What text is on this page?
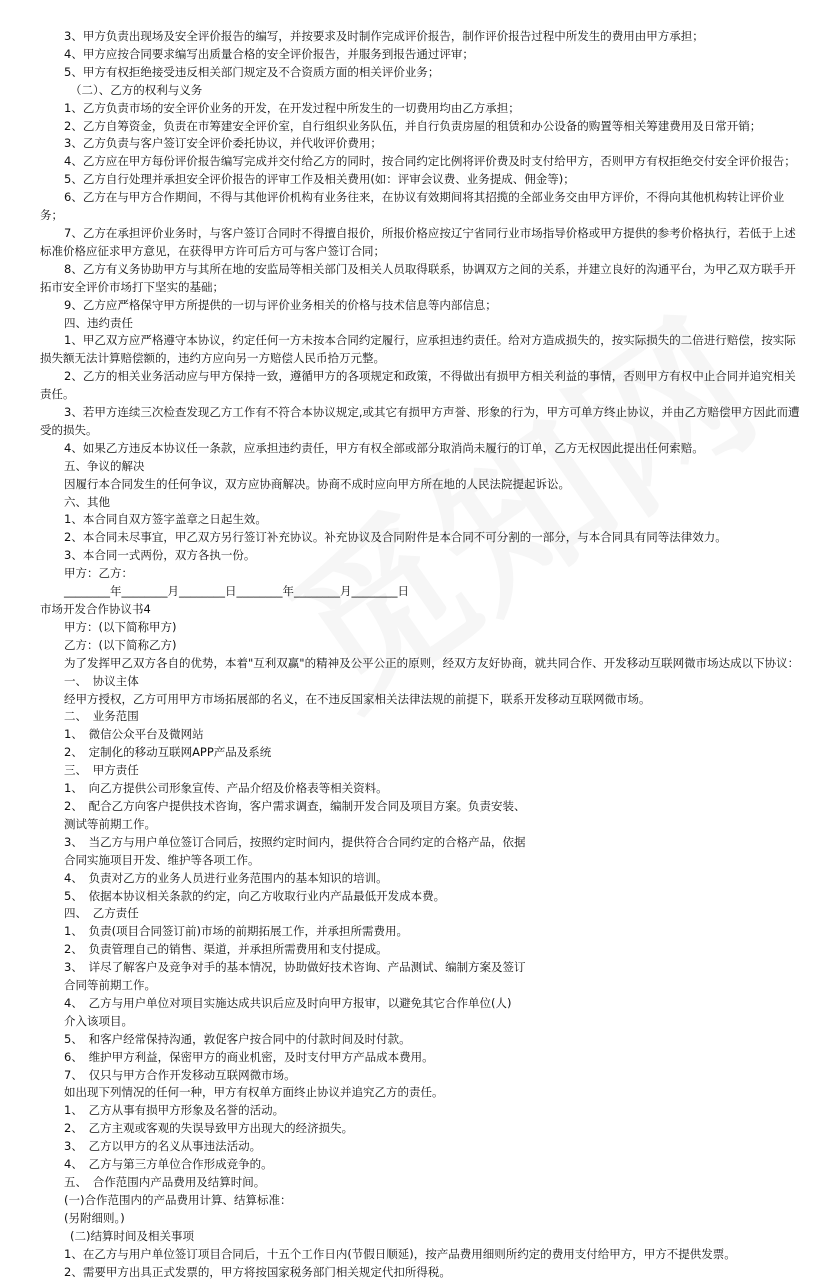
3、甲方负责出现场及安全评价报告的编写，并按要求及时制作完成评价报告，制作评价报告过程中所发生的费用由甲方承担；

4、甲方应按合同要求编写出质量合格的安全评价报告，并服务到报告通过评审；

5、甲方有权拒绝接受违反相关部门规定及不合资质方面的相关评价业务；

（二）、乙方的权利与义务

1、乙方负责市场的安全评价业务的开发，在开发过程中所发生的一切费用均由乙方承担；

2、乙方自筹资金，负责在市筹建安全评价室，自行组织业务队伍，并自行负责房屋的租赁和办公设备的购置等相关筹建费用及日常开销；

3、乙方负责与客户签订安全评价委托协议，并代收评价费用；

4、乙方应在甲方每份评价报告编写完成并交付给乙方的同时，按合同约定比例将评价费及时支付给甲方，否则甲方有权拒绝交付安全评价报告；

5、乙方自行处理并承担安全评价报告的评审工作及相关费用(如：评审会议费、业务提成、佣金等)；

6、乙方在与甲方合作期间，不得与其他评价机构有业务往来，在协议有效期间将其招揽的全部业务交由甲方评价，不得向其他机构转让评价业务；

7、乙方在承担评价业务时，与客户签订合同时不得擅自报价，所报价格应按辽宁省同行业市场指导价格或甲方提供的参考价格执行，若低于上述标准价格应征求甲方意见，在获得甲方许可后方可与客户签订合同；

8、乙方有义务协助甲方与其所在地的安监局等相关部门及相关人员取得联系，协调双方之间的关系，并建立良好的沟通平台，为甲乙双方联手开拓市安全评价市场打下坚实的基础；

9、乙方应严格保守甲方所提供的一切与评价业务相关的价格与技术信息等内部信息；

四、违约责任

1、甲乙双方应严格遵守本协议，约定任何一方未按本合同约定履行，应承担违约责任。给对方造成损失的，按实际损失的二倍进行赔偿，按实际损失额无法计算赔偿额的，违约方应向另一方赔偿人民币拾万元整。

2、乙方的相关业务活动应与甲方保持一致，遵循甲方的各项规定和政策，不得做出有损甲方相关利益的事情，否则甲方有权中止合同并追究相关责任。

3、若甲方连续三次检查发现乙方工作有不符合本协议规定,或其它有损甲方声誉、形象的行为，甲方可单方终止协议，并由乙方赔偿甲方因此而遭受的损失。

4、如果乙方违反本协议任一条款，应承担违约责任，甲方有权全部或部分取消尚未履行的订单，乙方无权因此提出任何索赔。

五、争议的解决

因履行本合同发生的任何争议，双方应协商解决。协商不成时应向甲方所在地的人民法院提起诉讼。

六、其他

1、本合同自双方签字盖章之日起生效。

2、本合同未尽事宜，甲乙双方另行签订补充协议。补充协议及合同附件是本合同不可分割的一部分，与本合同具有同等法律效力。

3、本合同一式两份，双方各执一份。

甲方：乙方：

________年________月________日________年________月________日

市场开发合作协议书4

甲方：(以下简称甲方)

乙方：(以下简称乙方)

为了发挥甲乙双方各自的优势，本着"互利双赢"的精神及公平公正的原则，经双方友好协商，就共同合作、开发移动互联网微市场达成以下协议：

一、　协议主体

经甲方授权，乙方可用甲方市场拓展部的名义，在不违反国家相关法律法规的前提下，联系开发移动互联网微市场。

二、　业务范围

1、　微信公众平台及微网站

2、　定制化的移动互联网APP产品及系统

三、　甲方责任

1、　向乙方提供公司形象宣传、产品介绍及价格表等相关资料。

2、　配合乙方向客户提供技术咨询，客户需求调查，编制开发合同及项目方案。负责安装、

测试等前期工作。

3、　当乙方与用户单位签订合同后，按照约定时间内，提供符合合同约定的合格产品，依据

合同实施项目开发、维护等各项工作。

4、　负责对乙方的业务人员进行业务范围内的基本知识的培训。

5、　依据本协议相关条款的约定，向乙方收取行业内产品最低开发成本费。

四、　乙方责任

1、　负责(项目合同签订前)市场的前期拓展工作，并承担所需费用。

2、　负责管理自己的销售、渠道，并承担所需费用和支付提成。

3、　详尽了解客户及竞争对手的基本情况，协助做好技术咨询、产品测试、编制方案及签订

合同等前期工作。

4、　乙方与用户单位对项目实施达成共识后应及时向甲方报审，以避免其它合作单位(人)

介入该项目。

5、　和客户经常保持沟通，敦促客户按合同中的付款时间及时付款。

6、　维护甲方利益，保密甲方的商业机密，及时支付甲方产品成本费用。

7、　仅只与甲方合作开发移动互联网微市场。

如出现下列情况的任何一种，甲方有权单方面终止协议并追究乙方的责任。

1、　乙方从事有损甲方形象及名誉的活动。

2、　乙方主观或客观的失误导致甲方出现大的经济损失。

3、　乙方以甲方的名义从事违法活动。

4、　乙方与第三方单位合作形成竞争的。

五、　合作范围内产品费用及结算时间。

(一)合作范围内的产品费用计算、结算标准：

(另附细则。)

(二)结算时间及相关事项

1、在乙方与用户单位签订项目合同后，十五个工作日内(节假日顺延)，按产品费用细则所约定的费用支付给甲方，甲方不提供发票。

2、需要甲方出具正式发票的，甲方将按国家税务部门相关规定代扣所得税。
